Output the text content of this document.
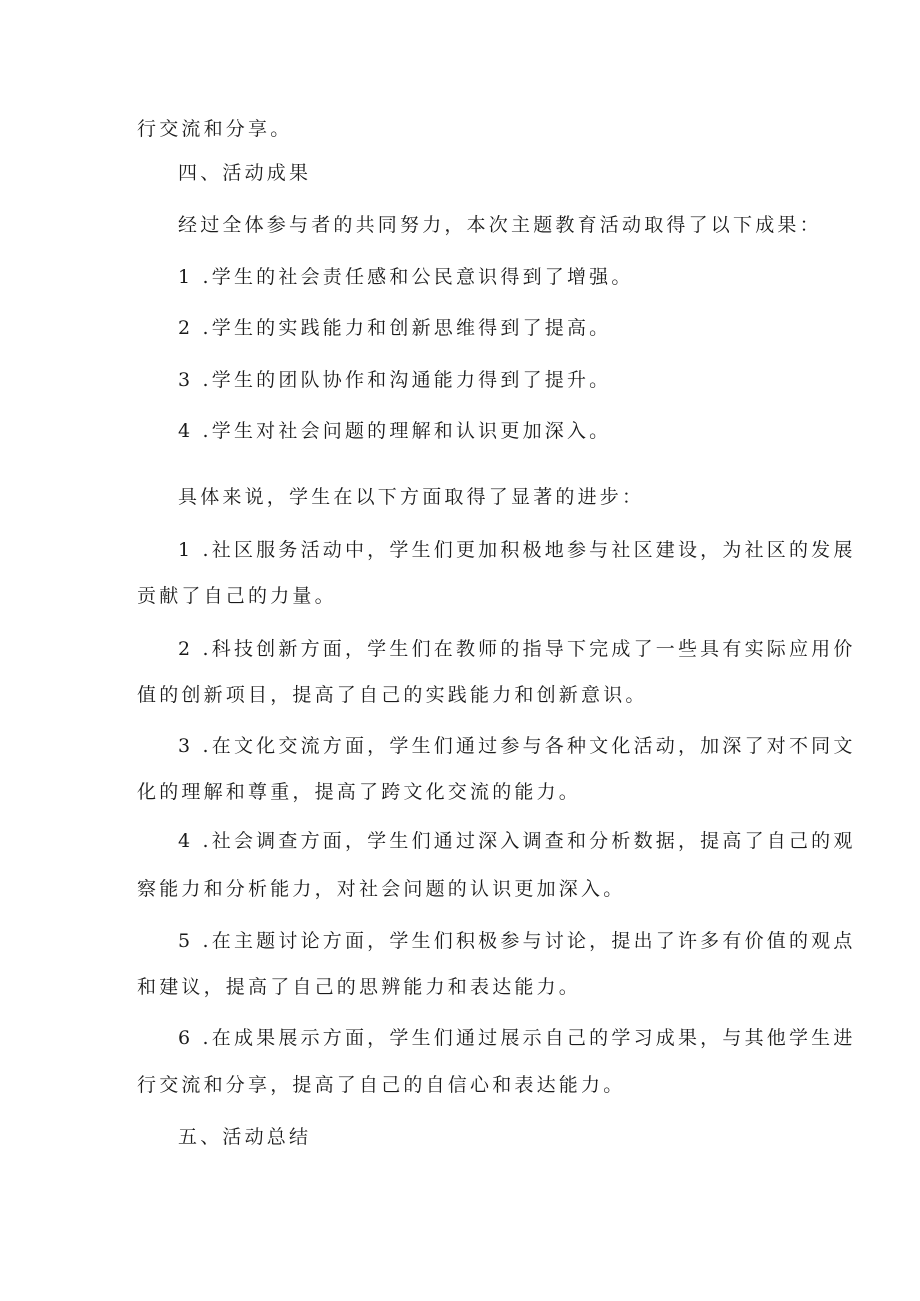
行交流和分享。
四、活动成果
经过全体参与者的共同努力，本次主题教育活动取得了以下成果：
1 .学生的社会责任感和公民意识得到了增强。
2 .学生的实践能力和创新思维得到了提高。
3 .学生的团队协作和沟通能力得到了提升。
4 .学生对社会问题的理解和认识更加深入。
具体来说，学生在以下方面取得了显著的进步：
1 .社区服务活动中，学生们更加积极地参与社区建设，为社区的发展
贡献了自己的力量。
2 .科技创新方面，学生们在教师的指导下完成了一些具有实际应用价
值的创新项目，提高了自己的实践能力和创新意识。
3 .在文化交流方面，学生们通过参与各种文化活动，加深了对不同文
化的理解和尊重，提高了跨文化交流的能力。
4 .社会调查方面，学生们通过深入调查和分析数据，提高了自己的观
察能力和分析能力，对社会问题的认识更加深入。
5 .在主题讨论方面，学生们积极参与讨论，提出了许多有价值的观点
和建议，提高了自己的思辨能力和表达能力。
6 .在成果展示方面，学生们通过展示自己的学习成果，与其他学生进
行交流和分享，提高了自己的自信心和表达能力。
五、活动总结
